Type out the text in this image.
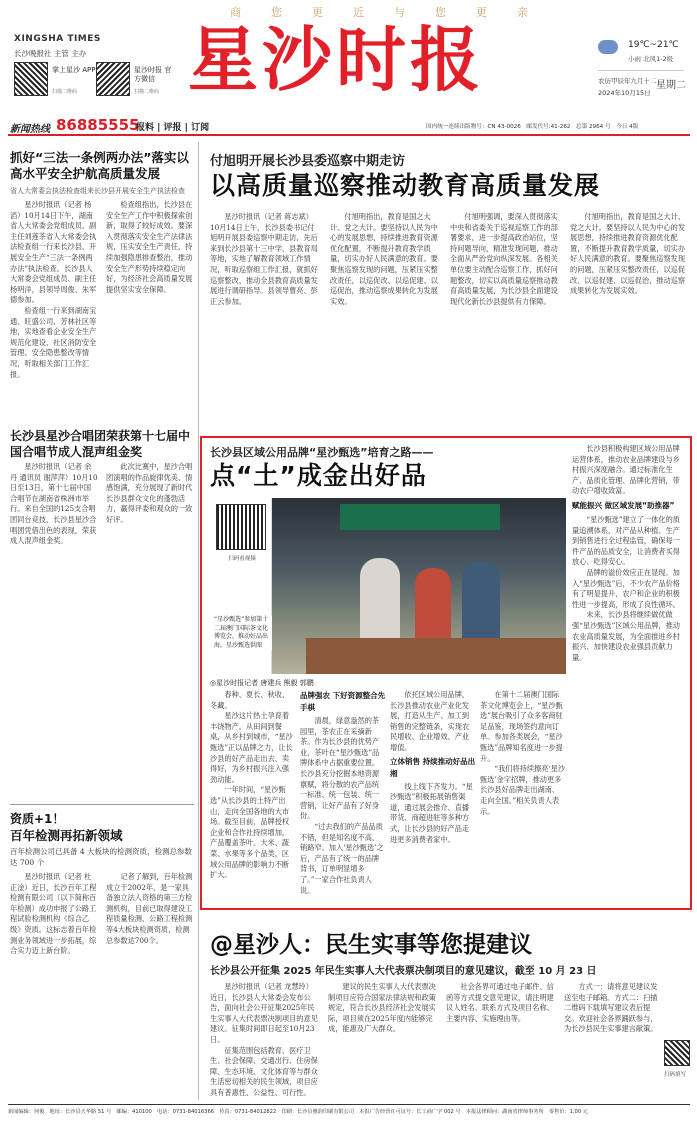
商	您	更	近	与	您	更	亲
XINGSHA TIMES
长沙晚报社 主管 主办
掌上星沙 APP
扫描二维码
星沙时报 官方微信
扫描二维码 星沙时报	19℃~21℃
小雨 北风1-2级
农历甲辰年九月十二
2024年10月15日
星期二
新闻热线 86885555
报料 | 评报 | 订阅	国内统一连续出版物号：CN 43-0026　邮发代号:41-262　总第 2964 号　今日 4版
抓好“三法一条例两办法”落实以高水平安全护航高质量发展
省人大常委会执法检查组来长沙县开展安全生产执法检查

星沙时报讯（记者 杨滔）10月14日下午，湖南省人大常委会党组成员、副主任刘莲茶省人大常委会执法检查组一行来长沙县，开展安全生产“三法一条例两办法”执法检查。长沙县人大常委会党组成员、副主任杨明洋，县领导周俊、朱军德参加。

检查组一行来到湖南宝通、旺盛公司、芳林社区等地，实地查看企业安全生产规范化建设、社区消防安全管理、安全隐患整改等情况，听取相关部门工作汇报。

检查组指出，长沙县在安全生产工作中积极探索创新，取得了较好成效。要深入贯彻落实安全生产法律法规，压实安全生产责任，持续加强隐患排查整治，推动安全生产形势持续稳定向好，为经济社会高质量发展提供坚实安全保障。

长沙县星沙合唱团荣获第十七届中国合唱节成人混声组金奖

星沙时报讯（记者 余丹 通讯员 谢萍萍）10月10日至13日，第十七届中国合唱节在湖南省株洲市举行。来自全国的125支合唱团同台竞技，长沙县星沙合唱团凭借出色的表现，荣获成人混声组金奖。

此次比赛中，星沙合唱团演唱的作品旋律优美、情感饱满，充分展现了新时代长沙县群众文化的蓬勃活力，赢得评委和观众的一致好评。

资质+1！
百年检测再拓新领域
百年检测公司已具备 4 大板块的检测资质，检测总参数达 700 个

星沙时报讯（记者 杜正淦）近日，长沙百年工程检测有限公司（以下简称百年检测）成功申报了公路工程试验检测机构《综合乙级》资质。这标志着百年检测业务领域进一步拓展，综合实力迈上新台阶。

记者了解到，百年检测成立于2002年，是一家具备独立法人资格的第三方检测机构，目前已取得建设工程质量检测、公路工程检测等4大板块检测资质，检测总参数达700个。

付旭明开展长沙县委巡察中期走访
以高质量巡察推动教育高质量发展

星沙时报讯（记者 蒋志斌）10月14日上午，长沙县委书记付旭明开展县委巡察中期走访，先后来到长沙县第十三中学、县教育局等地，实地了解教育领域工作情况，听取巡察组工作汇报，就抓好巡察整改、推动全县教育高质量发展进行调研指导。县领导曹亮、彭正云参加。

付旭明指出，教育是国之大计、党之大计。要坚持以人民为中心的发展思想，持续推进教育资源优化配置，不断提升教育教学质量，切实办好人民满意的教育。要聚焦巡察发现的问题，压紧压实整改责任，以巡促改、以巡促建、以巡促治，推动巡察成果转化为发展实效。

付旭明强调，要深入贯彻落实中央和省委关于巡视巡察工作的部署要求，进一步提高政治站位，坚持问题导向，精准发现问题，推动全面从严治党向纵深发展。各相关单位要主动配合巡察工作，抓好问题整改，切实以高质量巡察推动教育高质量发展，为长沙县全面建设现代化新长沙县提供有力保障。

付旭明指出，教育是国之大计、党之大计。要坚持以人民为中心的发展思想，持续推进教育资源优化配置，不断提升教育教学质量，切实办好人民满意的教育。要聚焦巡察发现的问题，压紧压实整改责任，以巡促改、以巡促建、以巡促治，推动巡察成果转化为发展实效。

长沙县区域公用品牌“星沙甄选”培育之路——
点“土”成金出好品
扫码看视频
“星沙甄选”参加第十二届澳门国际茶文化博览会，推动好品出海。星沙甄选供图
◎星沙时报记者 唐建兵 熊毅 郭鹏

春种、夏长、秋收、冬藏。

星沙这片热土孕育着丰饶物产。从田间到餐桌，从乡村到城市，“星沙甄选”正以品牌之力，让长沙县的好产品走出去、卖得好，为乡村振兴注入强劲动能。

一年时间，“星沙甄选”从长沙县的土特产出山，走向全国各地的大市场。截至目前，品牌授权企业和合作社持续增加，产品覆盖茶叶、大米、蔬菜、水果等多个品类，区域公用品牌的影响力不断扩大。

品牌强农 下好资源整合先手棋

清晨，绿意盎然的茶园里，茶农正在采摘新茶。作为长沙县的优势产业，茶叶在“星沙甄选”品牌体系中占据重要位置。长沙县充分挖掘本地资源禀赋，将分散的农产品统一标准、统一包装、统一营销，让好产品有了好身份。

“过去我们的产品品质不错，但是知名度不高，销路窄。加入‘星沙甄选’之后，产品有了统一的品牌背书，订单明显增多了。”一家合作社负责人说。

依托区域公用品牌，长沙县推动农业产业化发展，打造从生产、加工到销售的完整链条，实现农民增收、企业增效、产业增值。

立体销售 持续推动好品出湘

线上线下齐发力。“星沙甄选”积极拓展销售渠道，通过展会推介、直播带货、商超进驻等多种方式，让长沙县的好产品走进更多消费者家中。

在第十二届澳门国际茶文化博览会上，“星沙甄选”展台吸引了众多客商驻足品鉴，现场签约意向订单。参加各类展会，“星沙甄选”品牌知名度进一步提升。

“我们将持续擦亮‘星沙甄选’金字招牌，推动更多长沙县好品牌走出湖南、走向全国。”相关负责人表示。

长沙县积极构建区域公用品牌运营体系，推动农业品牌建设与乡村振兴深度融合。通过标准化生产、品质化管理、品牌化营销，带动农户增收致富。

赋能振兴 做区域发展“助推器”

“星沙甄选”建立了一体化的质量追溯体系，对产品从种植、生产到销售进行全过程监管，确保每一件产品的品质安全，让消费者买得放心、吃得安心。

品牌的溢价效应正在显现。加入“星沙甄选”后，不少农产品价格有了明显提升，农户和企业的积极性进一步提高，形成了良性循环。

未来，长沙县将继续做优做强“星沙甄选”区域公用品牌，推动农业高质量发展，为全面推进乡村振兴、加快建设农业强县贡献力量。

@星沙人：民生实事等您提建议
长沙县公开征集 2025 年民生实事人大代表票决制项目的意见建议，截至 10 月 23 日

星沙时报讯（记者 龙慧玲）近日，长沙县人大常委会发布公告，面向社会公开征集2025年民生实事人大代表票决制项目的意见建议。征集时间即日起至10月23日。

征集范围包括教育、医疗卫生、社会保障、交通出行、住房保障、生态环境、文化体育等与群众生活密切相关的民生领域，项目应具有普惠性、公益性、可行性。

建议的民生实事人大代表票决制项目应符合国家法律法规和政策规定，符合长沙县经济社会发展实际，项目须在2025年度内能够完成，能惠及广大群众。

社会各界可通过电子邮件、信函等方式提交意见建议，请注明建议人姓名、联系方式及项目名称、主要内容、实施理由等。

方式一：请将意见建议发送至电子邮箱。方式二：扫描二维码下载填写建议表后提交。欢迎社会各界踊跃参与，为长沙县民生实事建言献策。

扫码填写
新闻编辑：何俊　地址：长沙县天华路 51 号　邮编：410100　电话：0731-84016366　传真：0731-84012822　印刷：长沙县雅韵印刷有限公司　本报广告经营许可证号：长工商广字 002 号　本报法律顾问：湖南省律师事务所　零售价：1.00 元
